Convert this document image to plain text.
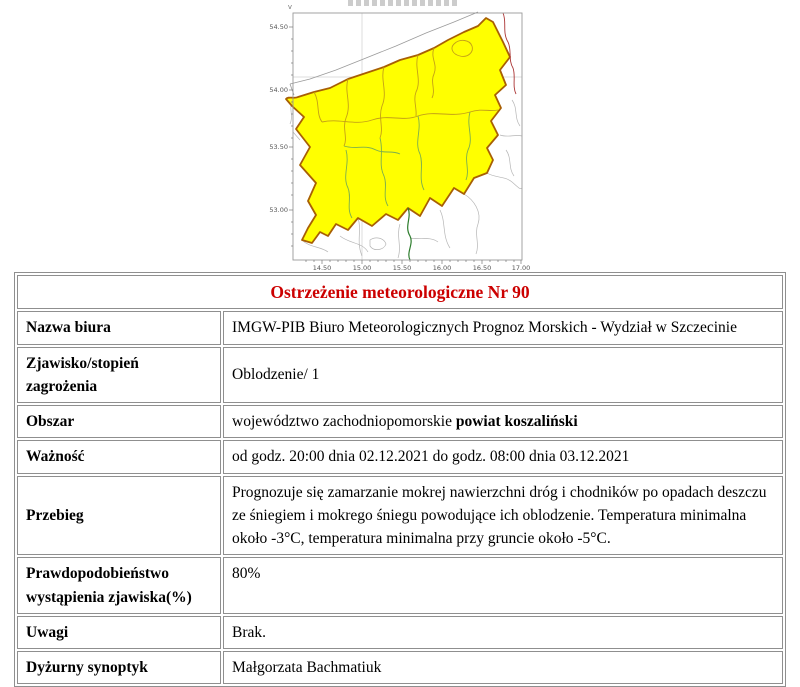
v
54.50
54.00
53.50
53.00
14.50	15.00	15.50	16.00	16.50	17.00
Ostrzeżenie meteorologiczne Nr 90	
Nazwa biura	IMGW-PIB Biuro Meteorologicznych Prognoz Morskich - Wydział w Szczecinie
Zjawisko/stopień zagrożenia	Oblodzenie/ 1
Obszar	województwo zachodniopomorskie powiat koszaliński
Ważność	od godz. 20:00 dnia 02.12.2021 do godz. 08:00 dnia 03.12.2021
Przebieg	Prognozuje się zamarzanie mokrej nawierzchni dróg i chodników po opadach deszczu ze śniegiem i mokrego śniegu powodujące ich oblodzenie. Temperatura minimalna około -3°C, temperatura minimalna przy gruncie około -5°C.
Prawdopodobieństwo wystąpienia zjawiska(%)	80%
Uwagi	Brak.
Dyżurny synoptyk	Małgorzata Bachmatiuk
